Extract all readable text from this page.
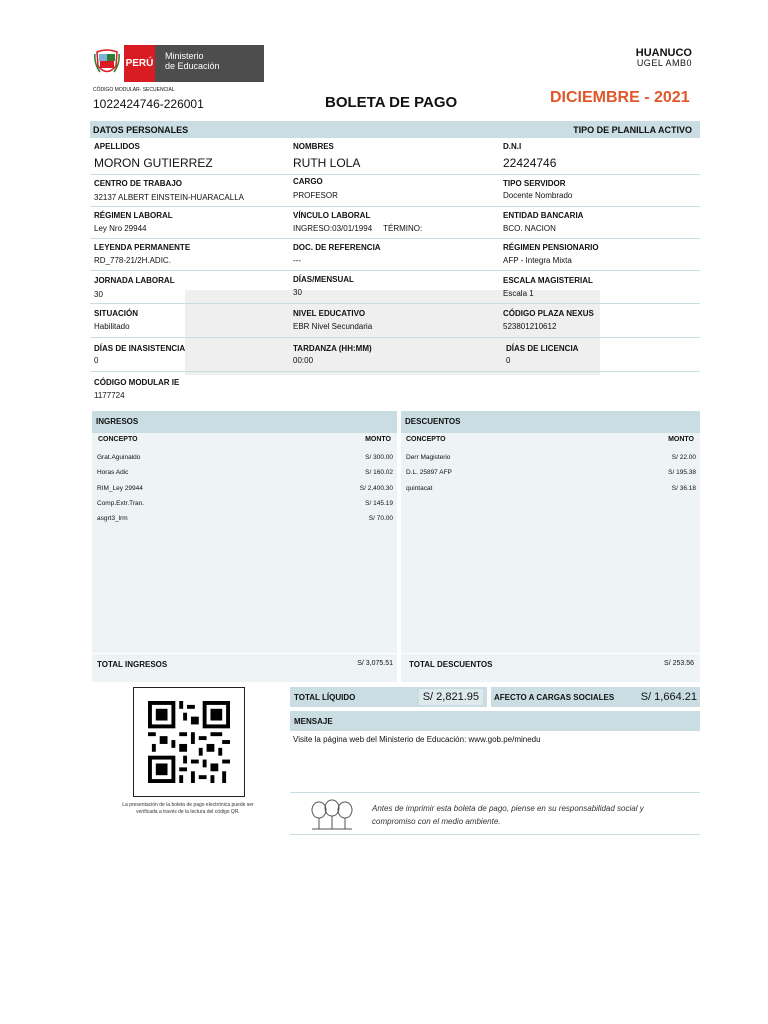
PERÚ
Ministerio
de Educación
HUANUCO
UGEL AMB0
CÓDIGO MODULAR- SECUENCIAL
1022424746-226001	BOLETA DE PAGO	DICIEMBRE - 2021
DATOS PERSONALES	TIPO DE PLANILLA ACTIVO
APELLIDOS	NOMBRES	D.N.I
MORON GUTIERREZ	RUTH LOLA	22424746
CENTRO DE TRABAJO	CARGO	TIPO SERVIDOR
32137 ALBERT EINSTEIN-HUARACALLA	PROFESOR	Docente Nombrado
RÉGIMEN LABORAL	VÍNCULO LABORAL	ENTIDAD BANCARIA
Ley Nro 29944	INGRESO:03/01/1994     TÉRMINO:	BCO. NACION
LEYENDA PERMANENTE	DOC. DE REFERENCIA	RÉGIMEN PENSIONARIO
RD_778-21/2H.ADIC.	---	AFP - Integra Mixta
JORNADA LABORAL	DÍAS/MENSUAL	ESCALA MAGISTERIAL
30	30	Escala 1
SITUACIÓN	NIVEL EDUCATIVO	CÓDIGO PLAZA NEXUS
Habilitado	EBR Nivel Secundaria	523801210612
DÍAS DE INASISTENCIA	TARDANZA (HH:MM)	DÍAS DE LICENCIA
0	00:00	0
CÓDIGO MODULAR IE
1177724
INGRESOS
CONCEPTO	MONTO
Grat.Aguinaldo	S/ 300.00
Horas Adic	S/ 160.02
RIM_Ley 29944	S/ 2,400.30
Comp.Extr.Tran.	S/ 145.19
asgrt3_lrm	S/ 70.00
TOTAL INGRESOS	S/ 3,075.51
DESCUENTOS
CONCEPTO	MONTO
Derr Magisterio	S/ 22.00
D.L. 25897 AFP	S/ 195.38
quintacat	S/ 36.18
TOTAL DESCUENTOS	S/ 253.56
La presentación de la boleta de pago electrónica puede ser verificada a través de la lectura del código QR.
TOTAL LÍQUIDO	S/ 2,821.95	AFECTO A CARGAS SOCIALES S/ 1,664.21
MENSAJE
Visite la página web del Ministerio de Educación: www.gob.pe/minedu
Antes de imprimir esta boleta de pago, piense en su responsabilidad social y compromiso con el medio ambiente.
